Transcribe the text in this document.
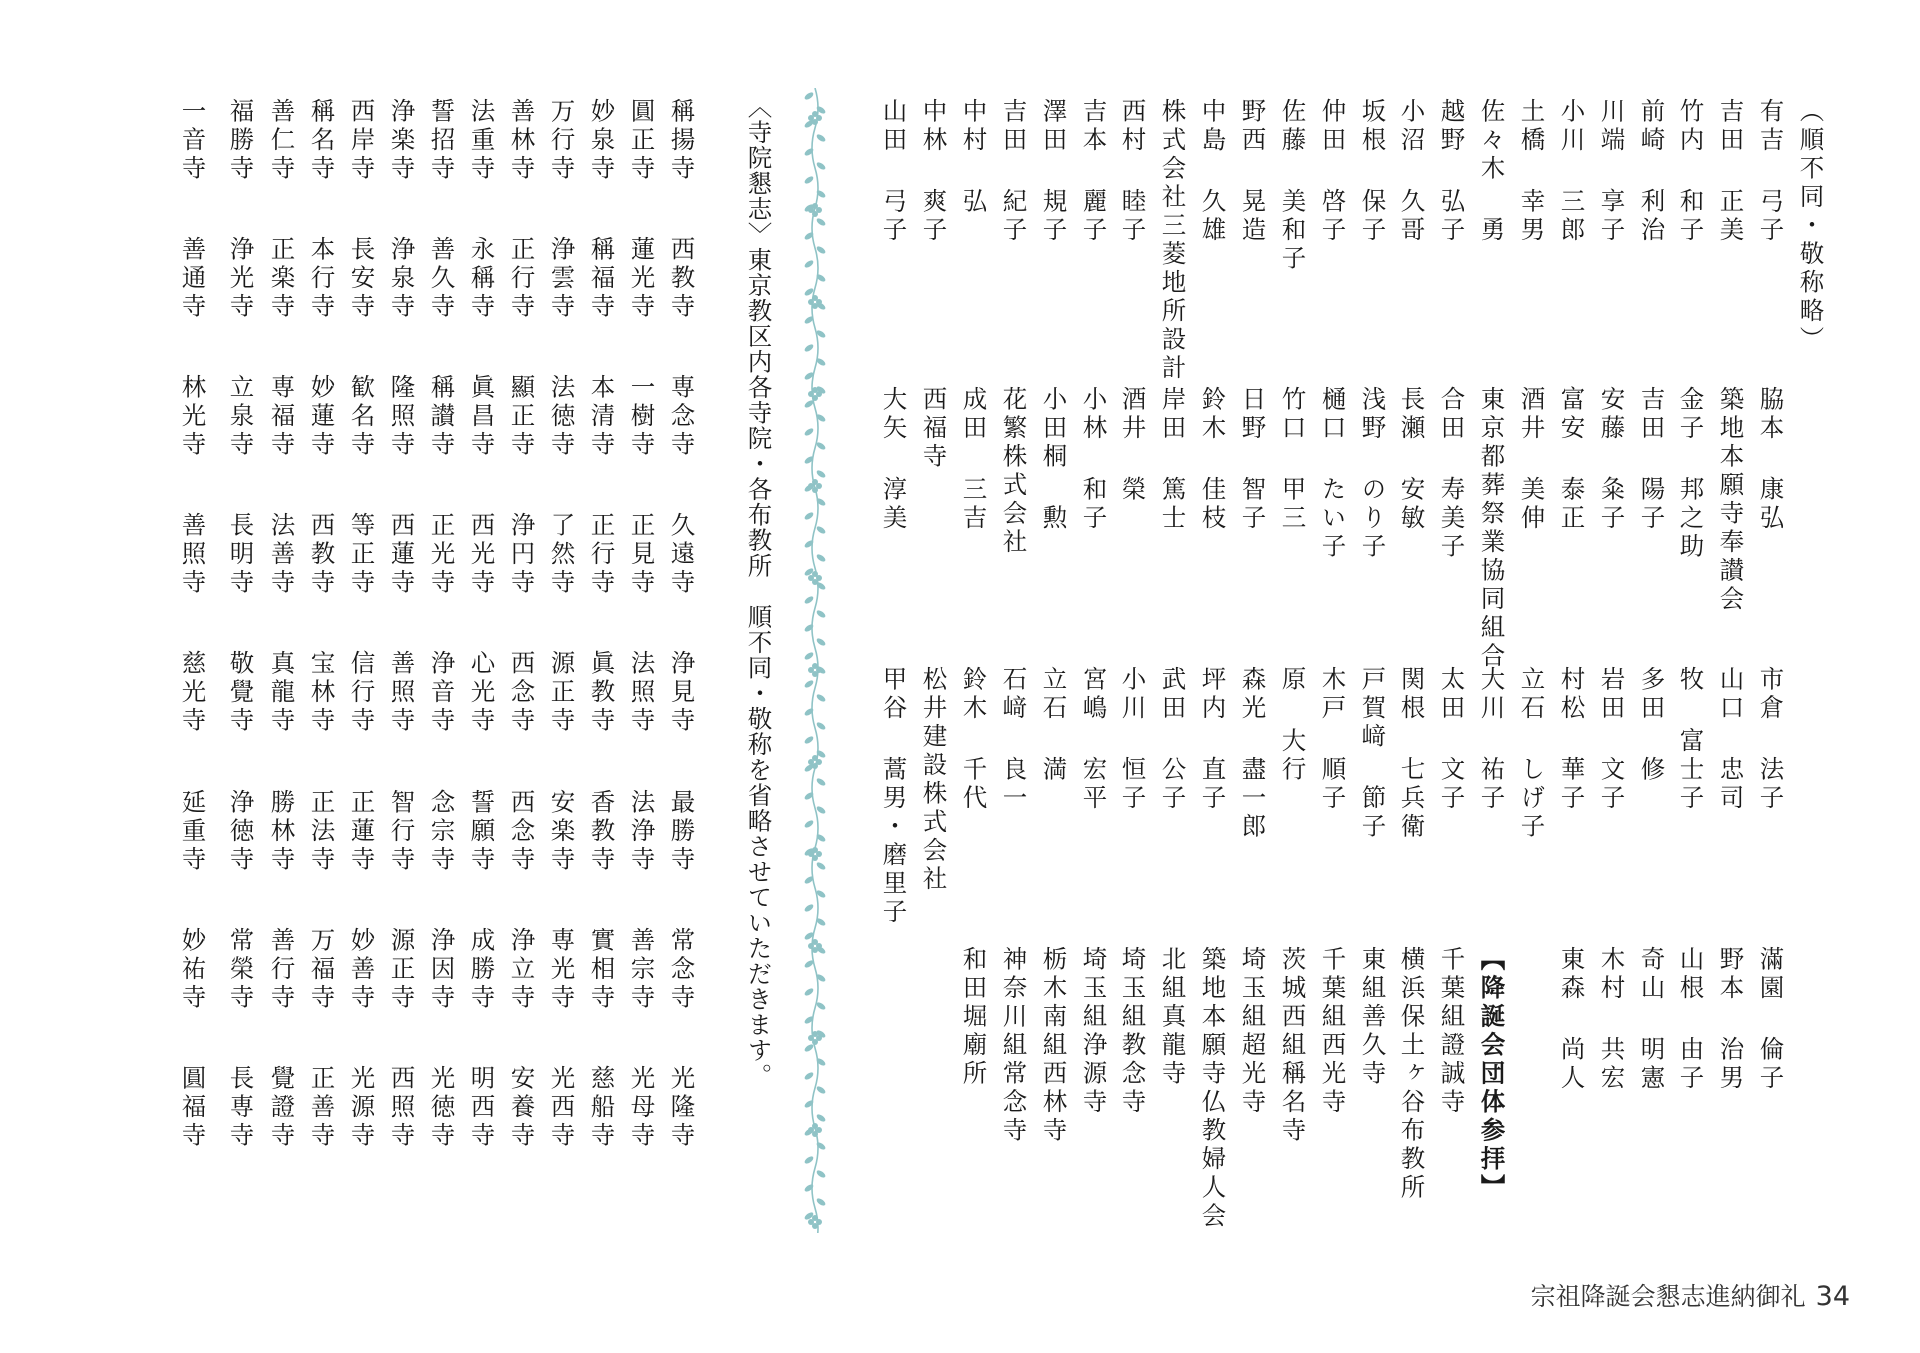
（順不同・敬称略）
有吉 弓子
脇本 康弘
市倉 法子
滿園 倫子
吉田 正美
築地本願寺奉讃会
山口 忠司
野本 治男
竹内 和子
金子 邦之助
牧 富士子
山根 由子
前崎 利治
吉田 陽子
多田 修
奇山 明憲
川端 享子
安藤 粂子
岩田 文子
木村 共宏
小川 三郎
富安 泰正
村松 華子
東森 尚人
土橋 幸男
酒井 美伸
立石 しげ子
佐々木 勇
東京都葬祭業協同組合
大川 祐子
【降誕会団体参拝】
越野 弘子
合田 寿美子
太田 文子
千葉組證誠寺
小沼 久哥
長瀬 安敏
関根 七兵衛
横浜保土ヶ谷布教所
坂根 保子
浅野 のり子
戸賀﨑 節子
東組善久寺
仲田 啓子
樋口 たい子
木戸 順子
千葉組西光寺
佐藤 美和子
竹口 甲三
原 大行
茨城西組稱名寺
野西 晃造
日野 智子
森光 盡一郎
埼玉組超光寺
中島 久雄
鈴木 佳枝
坪内 直子
築地本願寺仏教婦人会
株式会社三菱地所設計
岸田 篤士
武田 公子
北組真龍寺
西村 睦子
酒井 榮
小川 恒子
埼玉組教念寺
吉本 麗子
小林 和子
宮嶋 宏平
埼玉組浄源寺
澤田 規子
小田桐 勲
立石 満
栃木南組西林寺
吉田 紀子
花繁株式会社
石﨑 良一
神奈川組常念寺
中村 弘
成田 三吉
鈴木 千代
和田堀廟所
中林 爽子
西福寺
松井建設株式会社
山田 弓子
大矢 淳美
甲谷 蒿男・磨里子
稱揚寺
西教寺
専念寺
久遠寺
浄見寺
最勝寺
常念寺
光隆寺
圓正寺
蓮光寺
一樹寺
正見寺
法照寺
法浄寺
善宗寺
光母寺
妙泉寺
稱福寺
本清寺
正行寺
眞教寺
香教寺
實相寺
慈船寺
万行寺
浄雲寺
法徳寺
了然寺
源正寺
安楽寺
専光寺
光西寺
善林寺
正行寺
顯正寺
浄円寺
西念寺
西念寺
浄立寺
安養寺
法重寺
永稱寺
眞昌寺
西光寺
心光寺
誓願寺
成勝寺
明西寺
誓招寺
善久寺
稱讃寺
正光寺
浄音寺
念宗寺
浄因寺
光徳寺
浄楽寺
浄泉寺
隆照寺
西蓮寺
善照寺
智行寺
源正寺
西照寺
西岸寺
長安寺
歓名寺
等正寺
信行寺
正蓮寺
妙善寺
光源寺
稱名寺
本行寺
妙蓮寺
西教寺
宝林寺
正法寺
万福寺
正善寺
善仁寺
正楽寺
専福寺
法善寺
真龍寺
勝林寺
善行寺
覺證寺
福勝寺
浄光寺
立泉寺
長明寺
敬覺寺
浄徳寺
常榮寺
長専寺
一音寺
善通寺
林光寺
善照寺
慈光寺
延重寺
妙祐寺
圓福寺
〈寺院懇志〉東京教区内各寺院・各布教所　順不同・敬称を省略させていただきます。
宗祖降誕会懇志進納御礼 34
